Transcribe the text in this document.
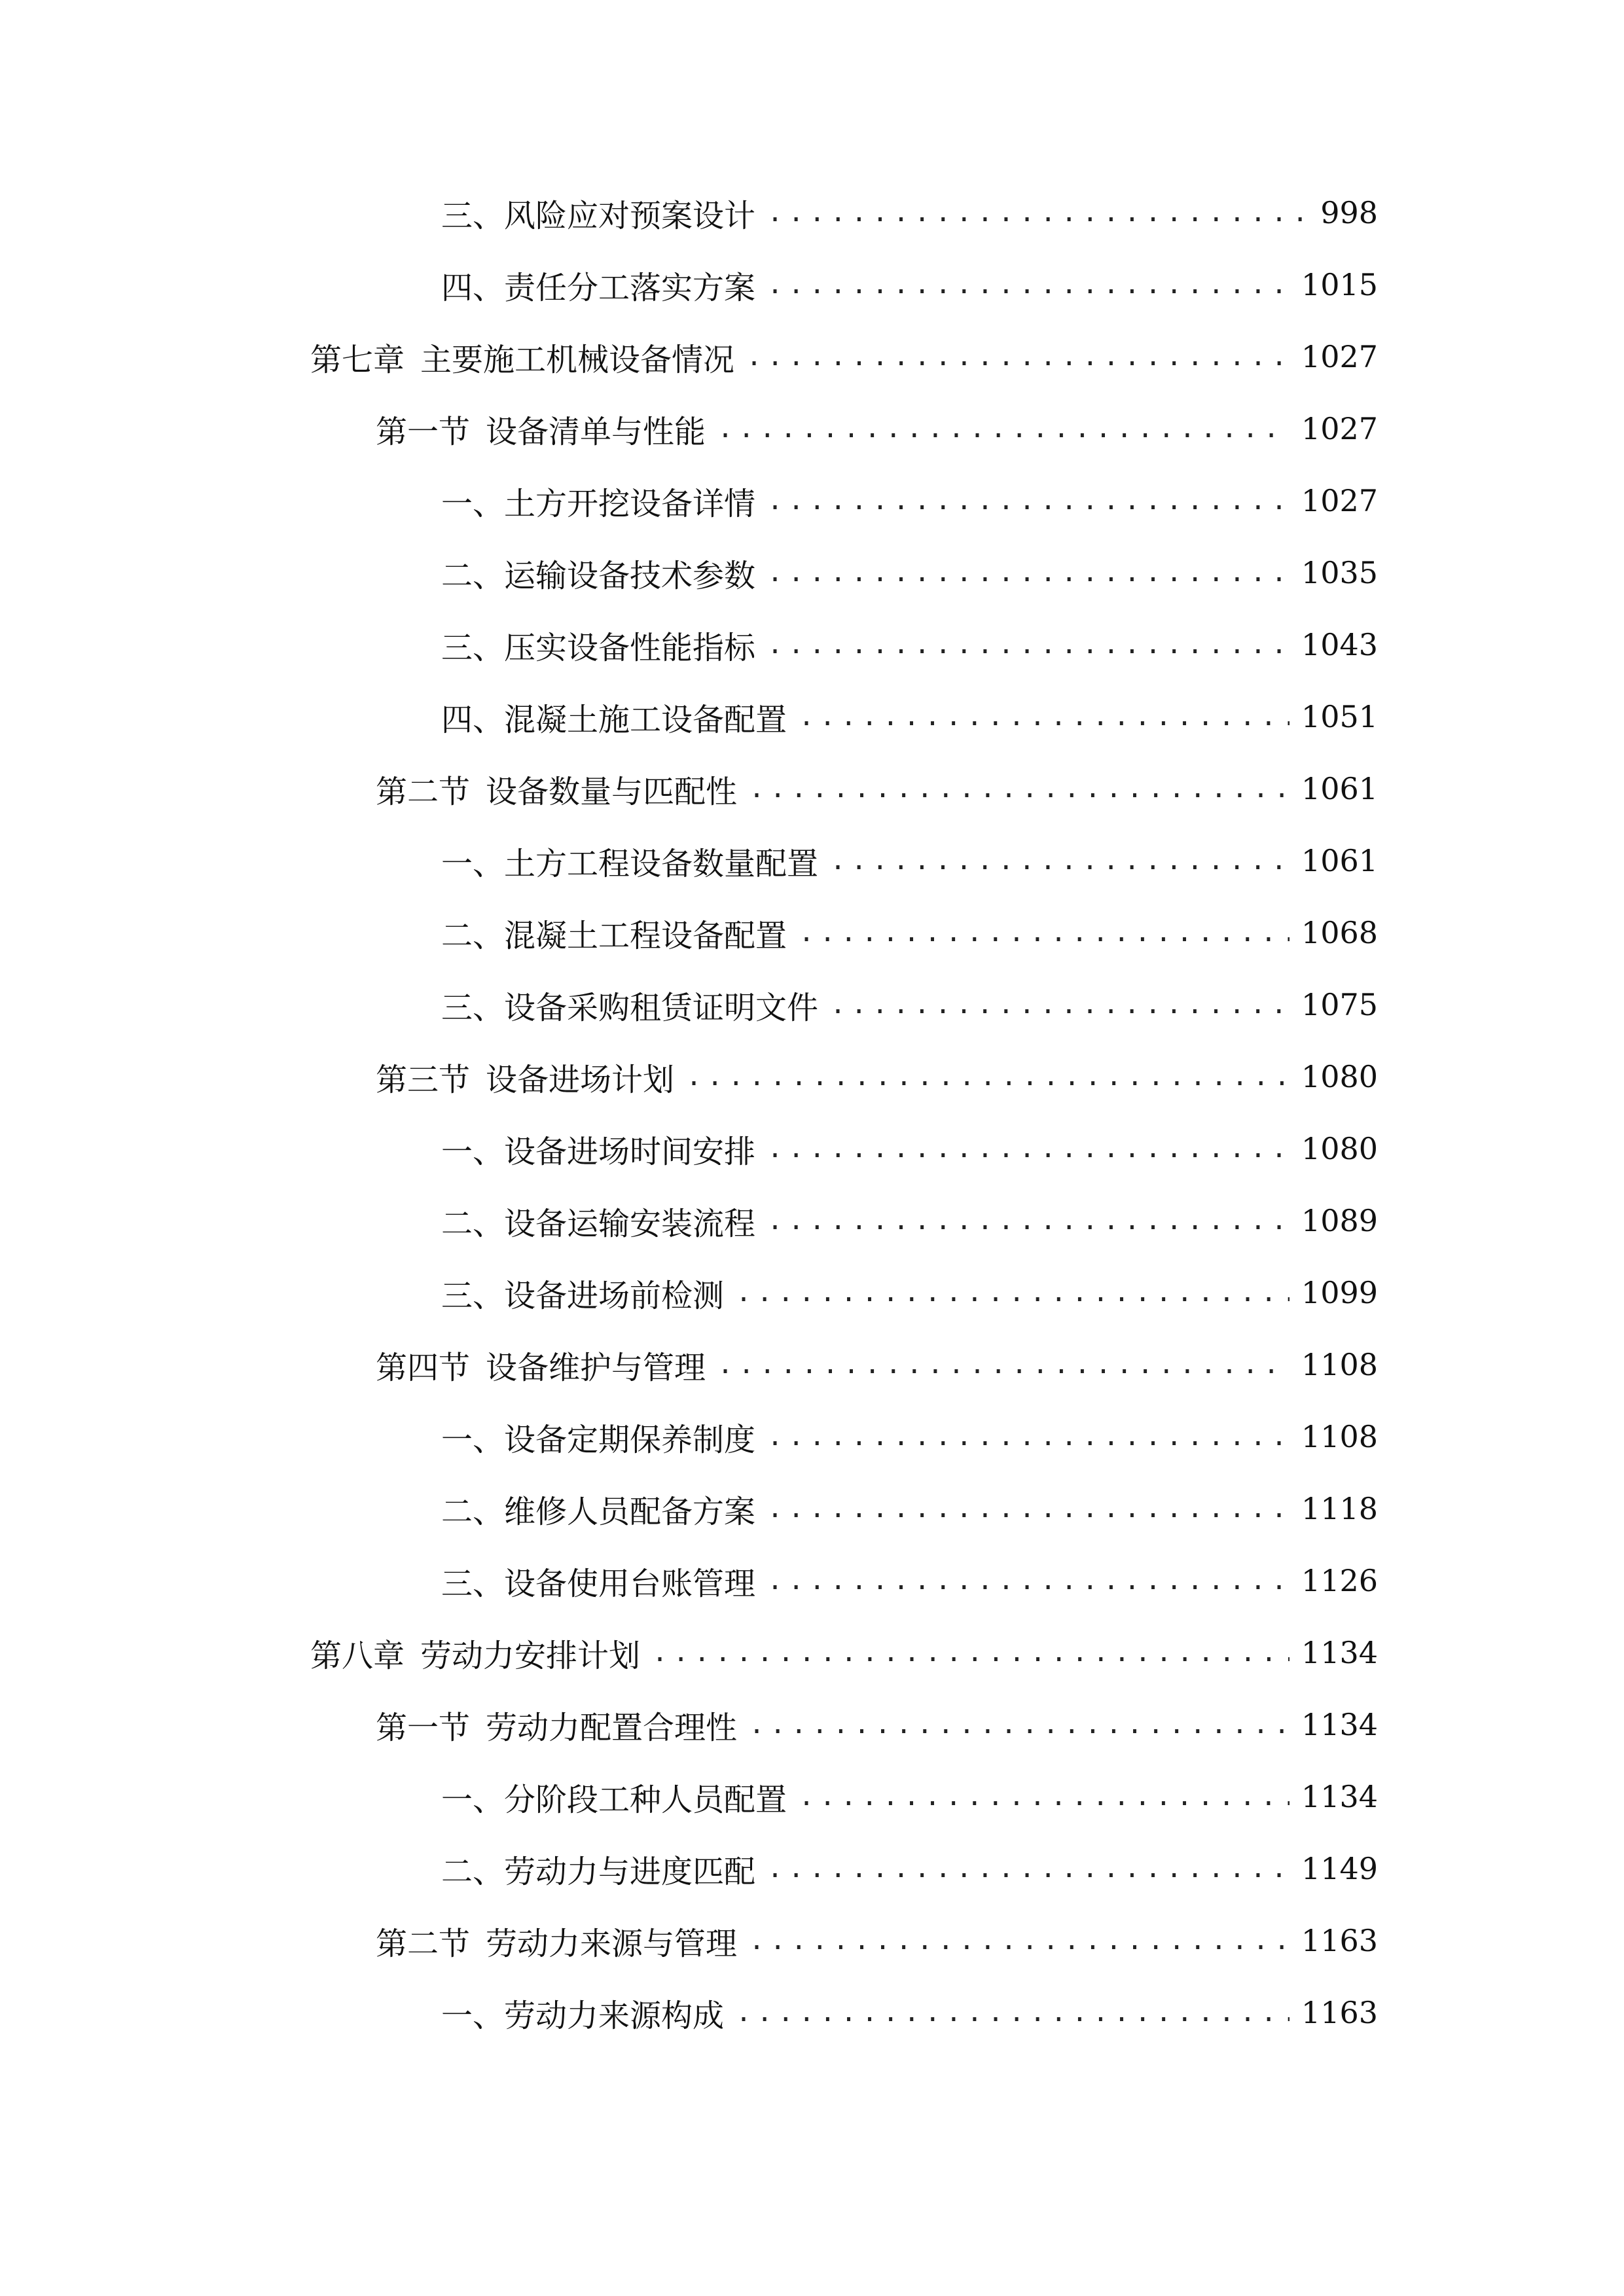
三、 风险应对预案设计 .....	998
四、 责任分工落实方案 .....	1015
第七章 主要施工机械设备情况 .....	1027
第一节 设备清单与性能 .....	1027
一、 土方开挖设备详情 .....	1027
二、 运输设备技术参数 .....	1035
三、 压实设备性能指标 .....	1043
四、 混凝土施工设备配置 .....	1051
第二节 设备数量与匹配性 .....	1061
一、 土方工程设备数量配置 .....	1061
二、 混凝土工程设备配置 .....	1068
三、 设备采购租赁证明文件 .....	1075
第三节 设备进场计划 .....	1080
一、 设备进场时间安排 .....	1080
二、 设备运输安装流程 .....	1089
三、 设备进场前检测 .....	1099
第四节 设备维护与管理 .....	1108
一、 设备定期保养制度 .....	1108
二、 维修人员配备方案 .....	1118
三、 设备使用台账管理 .....	1126
第八章 劳动力安排计划 .....	1134
第一节 劳动力配置合理性 .....	1134
一、 分阶段工种人员配置 .....	1134
二、 劳动力与进度匹配 .....	1149
第二节 劳动力来源与管理 .....	1163
一、 劳动力来源构成 .....	1163
